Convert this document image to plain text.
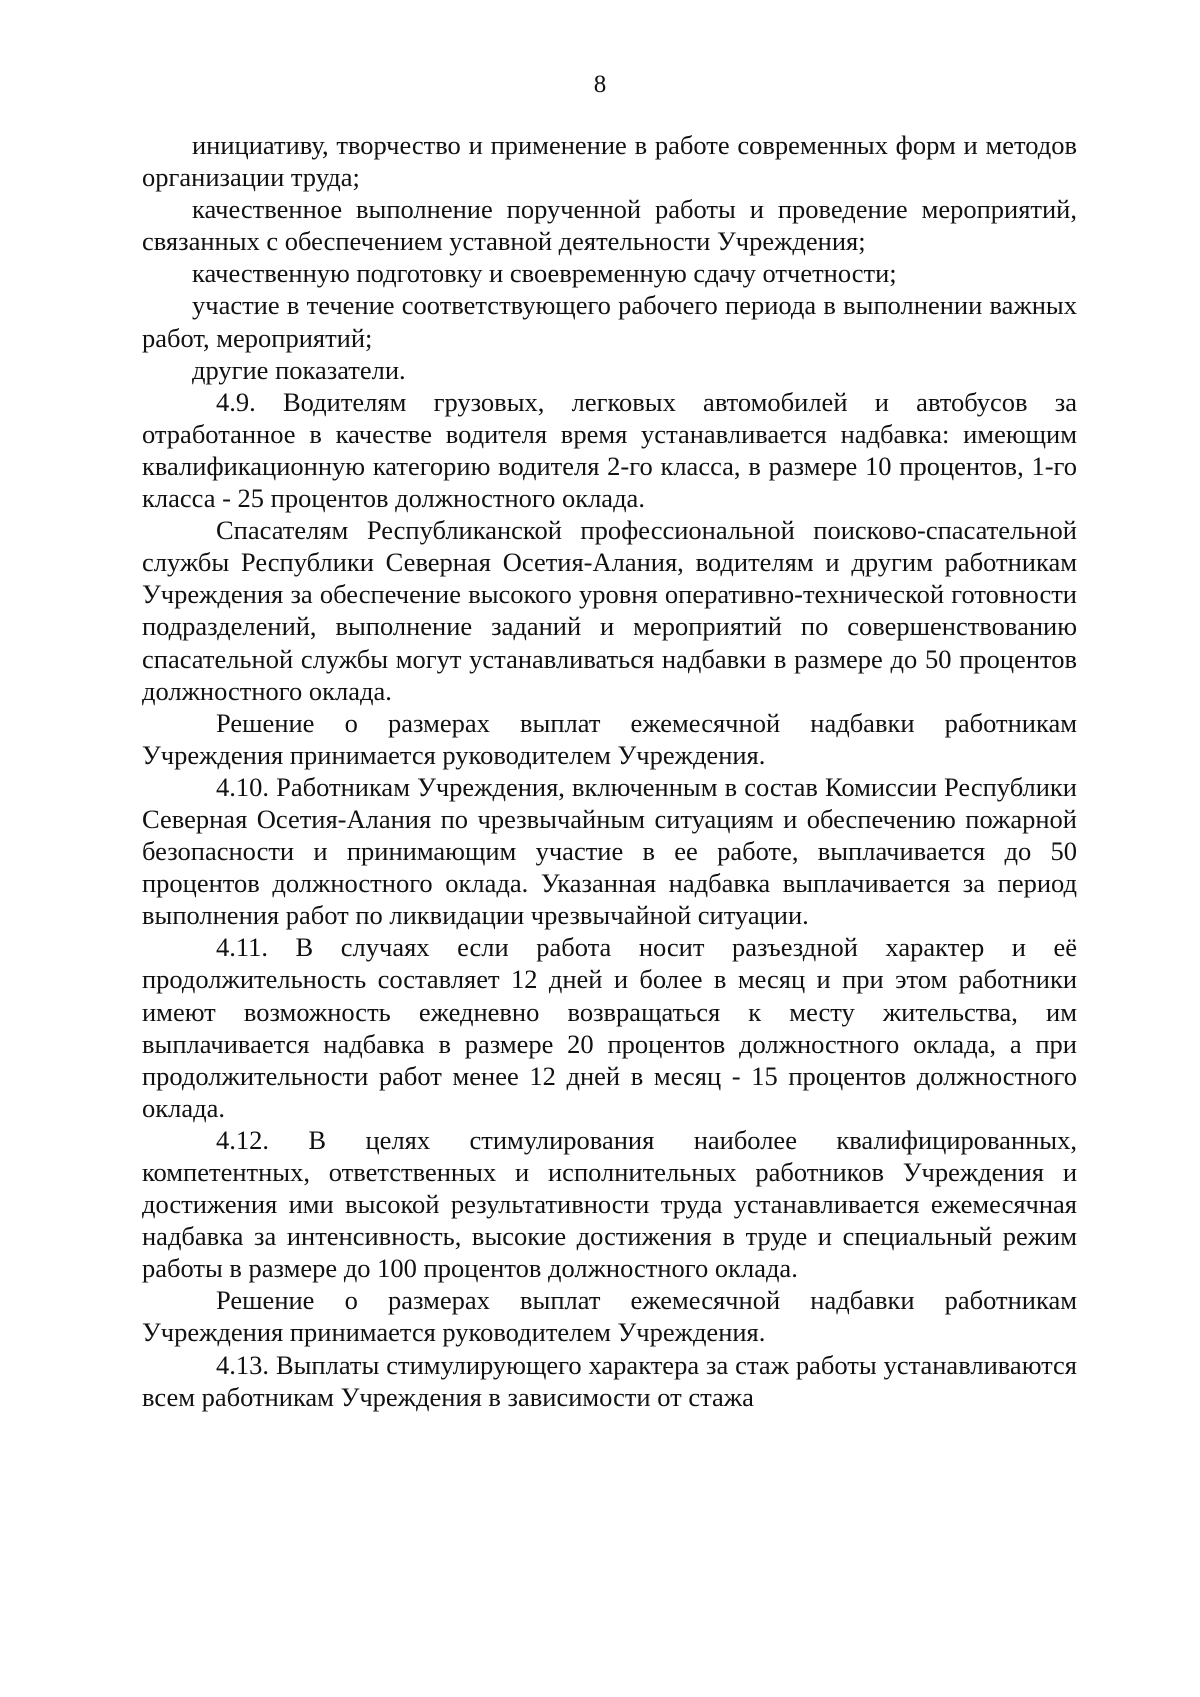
8

инициативу, творчество и применение в работе современных форм и методов организации труда;

качественное выполнение порученной работы и проведение мероприятий, связанных с обеспечением уставной деятельности Учреждения;

качественную подготовку и своевременную сдачу отчетности;

участие в течение соответствующего рабочего периода в выполнении важных работ, мероприятий;

другие показатели.

4.9. Водителям грузовых, легковых автомобилей и автобусов за отработанное в качестве водителя время устанавливается надбавка: имеющим квалификационную категорию водителя 2-го класса, в размере 10 процентов, 1-го класса - 25 процентов должностного оклада.

Спасателям Республиканской профессиональной поисково-спасательной службы Республики Северная Осетия-Алания, водителям и другим работникам Учреждения за обеспечение высокого уровня оперативно-технической готовности подразделений, выполнение заданий и мероприятий по совершенствованию спасательной службы могут устанавливаться надбавки в размере до 50 процентов должностного оклада.

Решение о размерах выплат ежемесячной надбавки работникам Учреждения принимается руководителем Учреждения.

4.10. Работникам Учреждения, включенным в состав Комиссии Республики Северная Осетия-Алания по чрезвычайным ситуациям и обеспечению пожарной безопасности и принимающим участие в ее работе, выплачивается до 50 процентов должностного оклада. Указанная надбавка выплачивается за период выполнения работ по ликвидации чрезвычайной ситуации.

4.11. В случаях если работа носит разъездной характер и её продолжительность составляет 12 дней и более в месяц и при этом работники имеют возможность ежедневно возвращаться к месту жительства, им выплачивается надбавка в размере 20 процентов должностного оклада, а при продолжительности работ менее 12 дней в месяц - 15 процентов должностного оклада.

4.12. В целях стимулирования наиболее квалифицированных, компетентных, ответственных и исполнительных работников Учреждения и достижения ими высокой результативности труда устанавливается ежемесячная надбавка за интенсивность, высокие достижения в труде и специальный режим работы в размере до 100 процентов должностного оклада.

Решение о размерах выплат ежемесячной надбавки работникам Учреждения принимается руководителем Учреждения.

4.13. Выплаты стимулирующего характера за стаж работы устанавливаются всем работникам Учреждения в зависимости от стажа
